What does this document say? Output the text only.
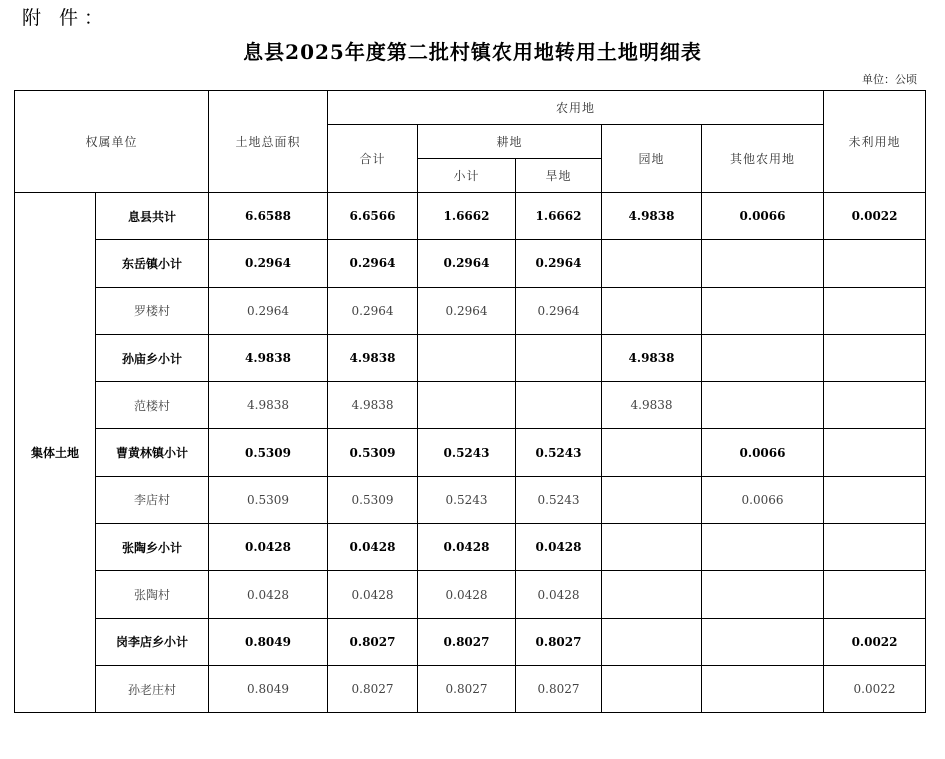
附 件：
息县2025年度第二批村镇农用地转用土地明细表
单位：公顷
权属单位		土地总面积	农用地					未利用地
			合计	耕地		园地	其他农用地	
				小计	旱地			
集体土地	息县共计	6.6588	6.6566	1.6662	1.6662	4.9838	0.0066	0.0022
	东岳镇小计	0.2964	0.2964	0.2964	0.2964			
	罗楼村	0.2964	0.2964	0.2964	0.2964			
	孙庙乡小计	4.9838	4.9838			4.9838		
	范楼村	4.9838	4.9838			4.9838		
	曹黄林镇小计	0.5309	0.5309	0.5243	0.5243		0.0066	
	李店村	0.5309	0.5309	0.5243	0.5243		0.0066	
	张陶乡小计	0.0428	0.0428	0.0428	0.0428			
	张陶村	0.0428	0.0428	0.0428	0.0428			
	岗李店乡小计	0.8049	0.8027	0.8027	0.8027			0.0022
	孙老庄村	0.8049	0.8027	0.8027	0.8027			0.0022
